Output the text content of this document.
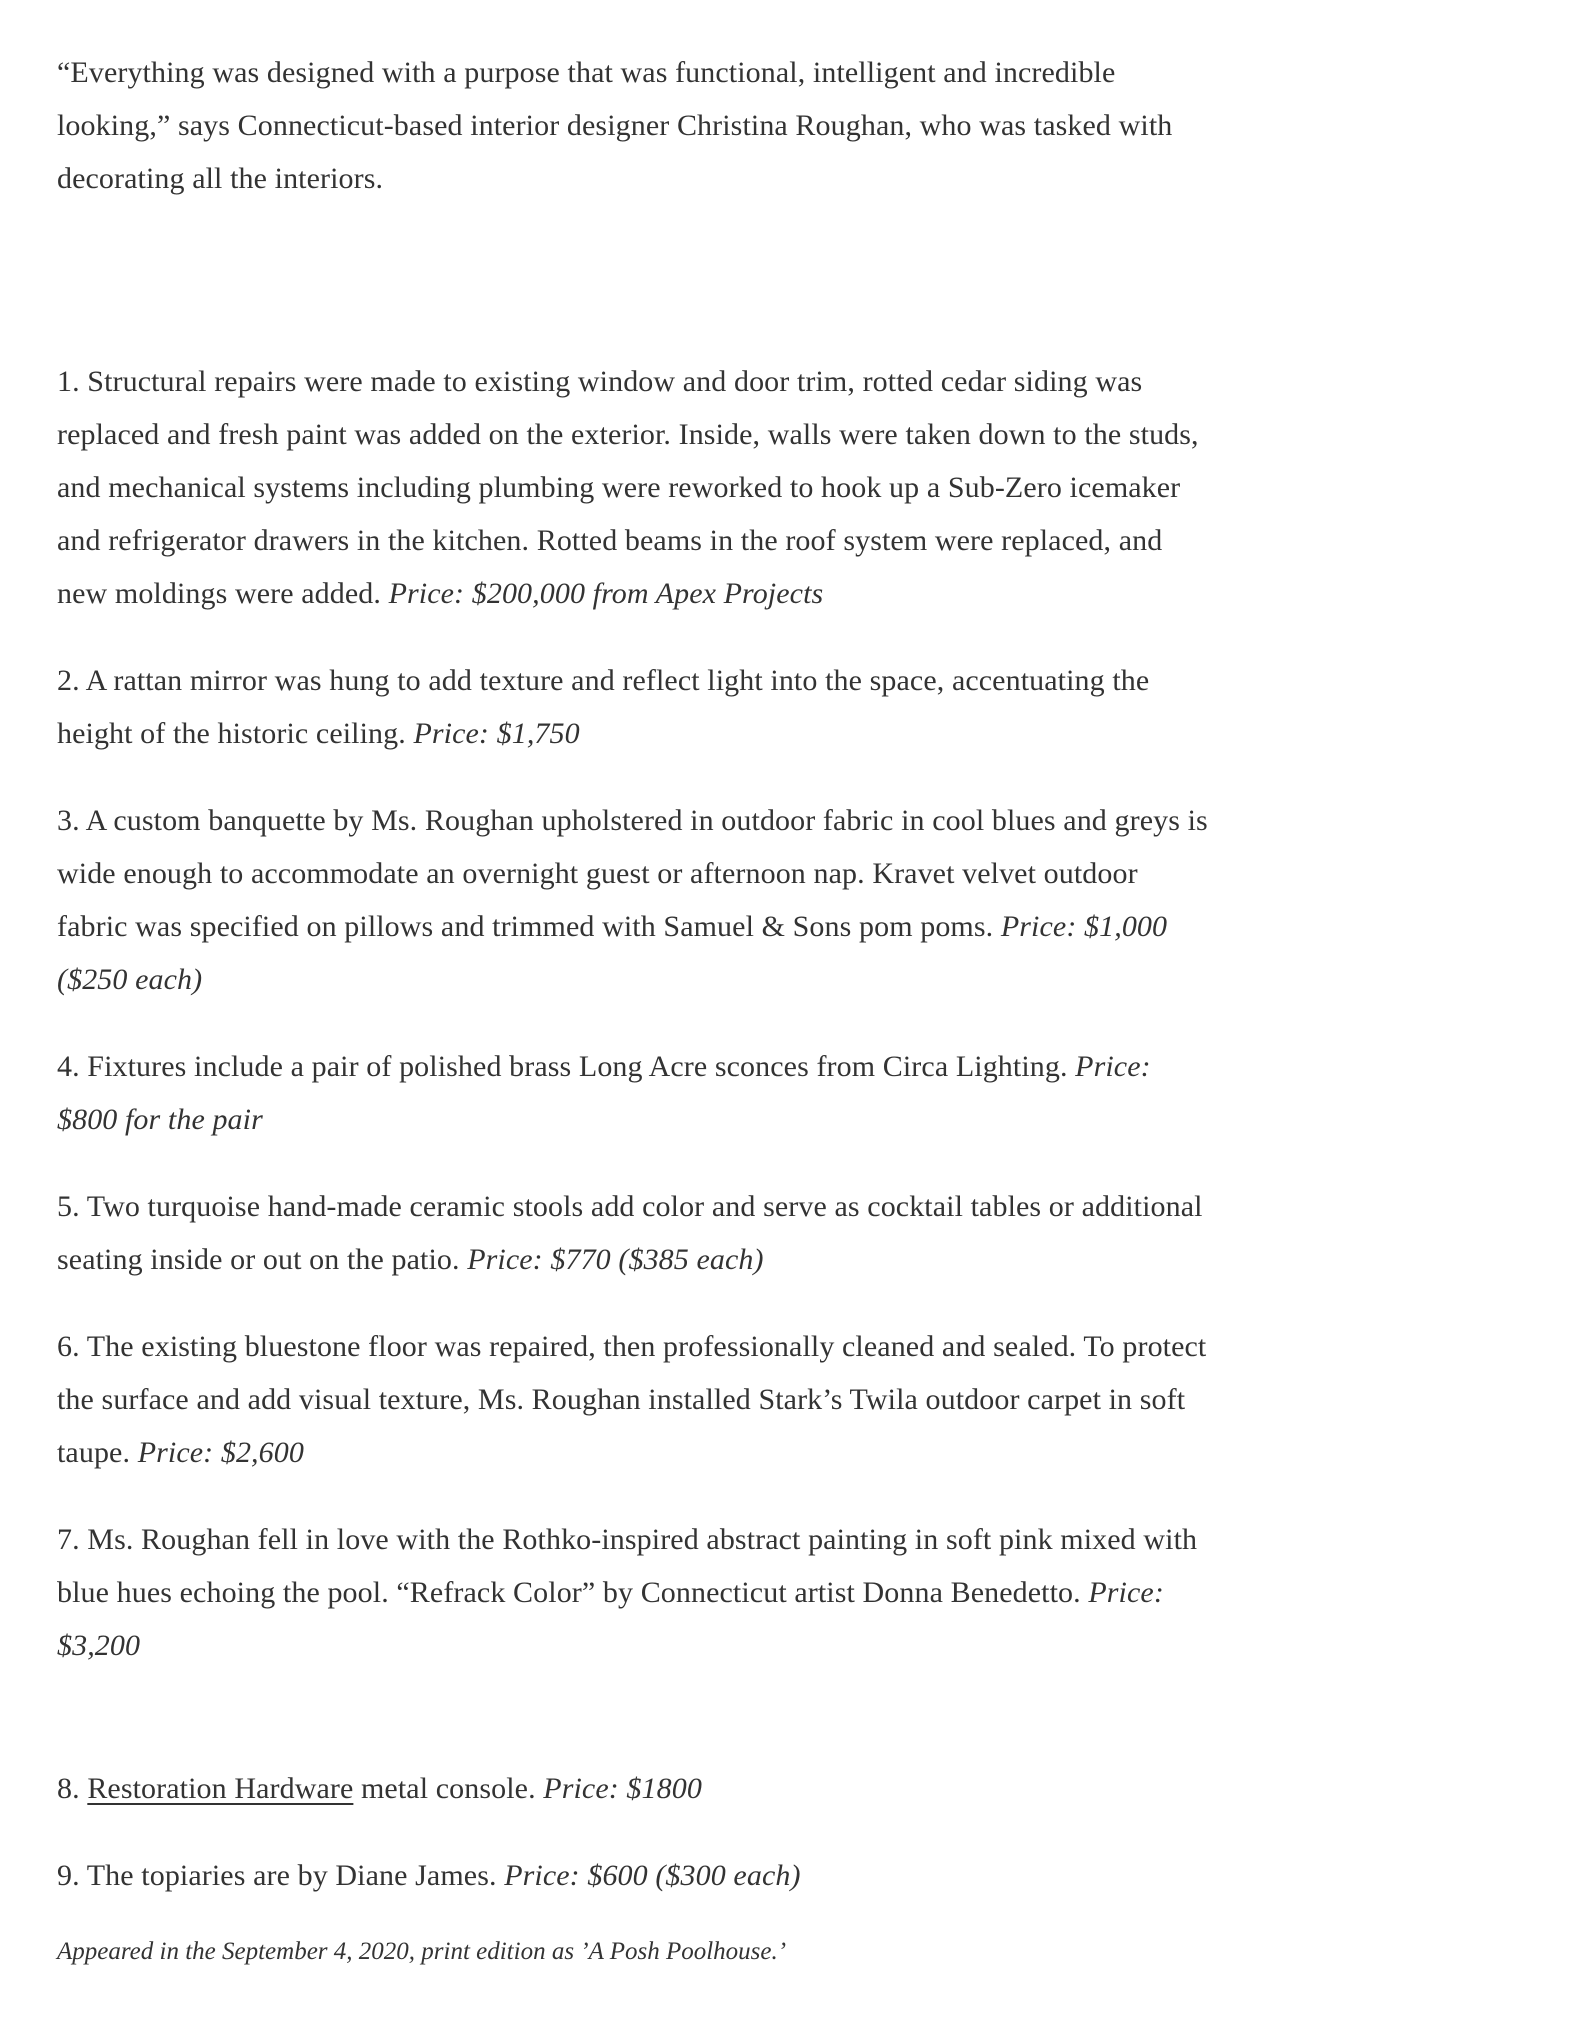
“Everything was designed with a purpose that was functional, intelligent and incredible looking,” says Connecticut-based interior designer Christina Roughan, who was tasked with decorating all the interiors.

1. Structural repairs were made to existing window and door trim, rotted cedar siding was replaced and fresh paint was added on the exterior. Inside, walls were taken down to the studs, and mechanical systems including plumbing were reworked to hook up a Sub-Zero icemaker and refrigerator drawers in the kitchen. Rotted beams in the roof system were replaced, and new moldings were added. Price: $200,000 from Apex Projects

2. A rattan mirror was hung to add texture and reflect light into the space, accentuating the height of the historic ceiling. Price: $1,750

3. A custom banquette by Ms. Roughan upholstered in outdoor fabric in cool blues and greys is wide enough to accommodate an overnight guest or afternoon nap. Kravet velvet outdoor fabric was specified on pillows and trimmed with Samuel & Sons pom poms. Price: $1,000 ($250 each)

4. Fixtures include a pair of polished brass Long Acre sconces from Circa Lighting. Price: $800 for the pair

5. Two turquoise hand-made ceramic stools add color and serve as cocktail tables or additional seating inside or out on the patio. Price: $770 ($385 each)

6. The existing bluestone floor was repaired, then professionally cleaned and sealed. To protect the surface and add visual texture, Ms. Roughan installed Stark’s Twila outdoor carpet in soft taupe. Price: $2,600

7. Ms. Roughan fell in love with the Rothko-inspired abstract painting in soft pink mixed with blue hues echoing the pool. “Refrack Color” by Connecticut artist Donna Benedetto. Price: $3,200

8. Restoration Hardware metal console. Price: $1800

9. The topiaries are by Diane James. Price: $600 ($300 each)

Appeared in the September 4, 2020, print edition as ’A Posh Poolhouse.’
